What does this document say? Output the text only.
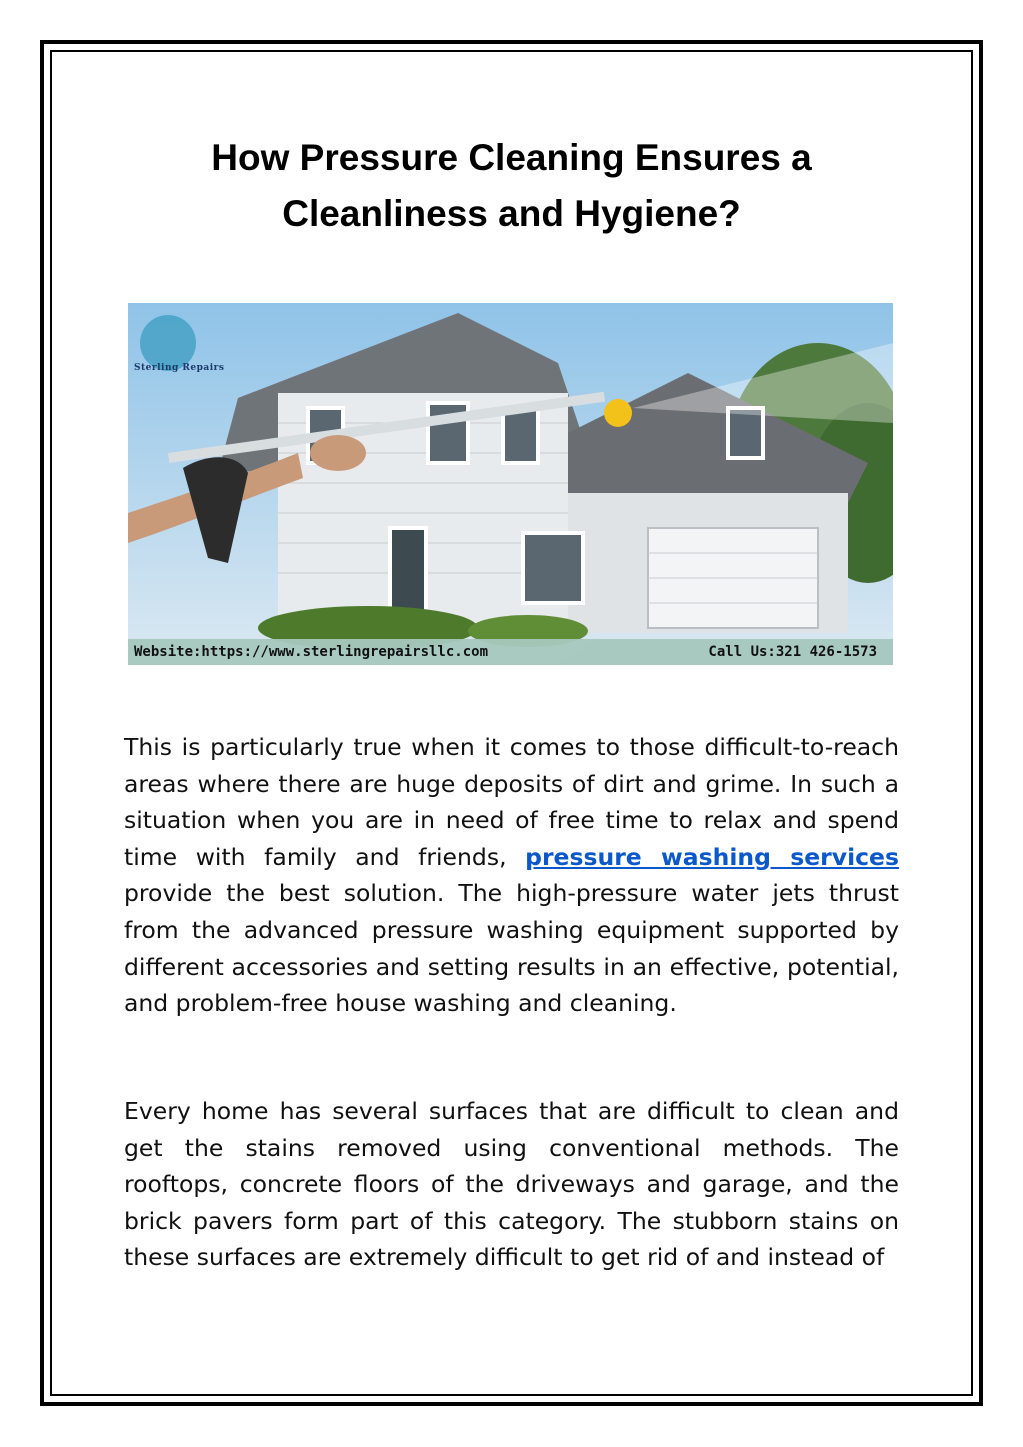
How Pressure Cleaning Ensures a
Cleanliness and Hygiene?
Sterling Repairs
Website:https://www.sterlingrepairsllc.com	Call Us:321 426-1573
This is particularly true when it comes to those difficult-to-reach areas where there are huge deposits of dirt and grime. In such a situation when you are in need of free time to relax and spend time with family and friends, pressure washing services provide the best solution. The high-pressure water jets thrust from the advanced pressure washing equipment supported by different accessories and setting results in an effective, potential, and problem-free house washing and cleaning.
Every home has several surfaces that are difficult to clean and get the stains removed using conventional methods. The rooftops, concrete floors of the driveways and garage, and the brick pavers form part of this category. The stubborn stains on these surfaces are extremely difficult to get rid of and instead of
